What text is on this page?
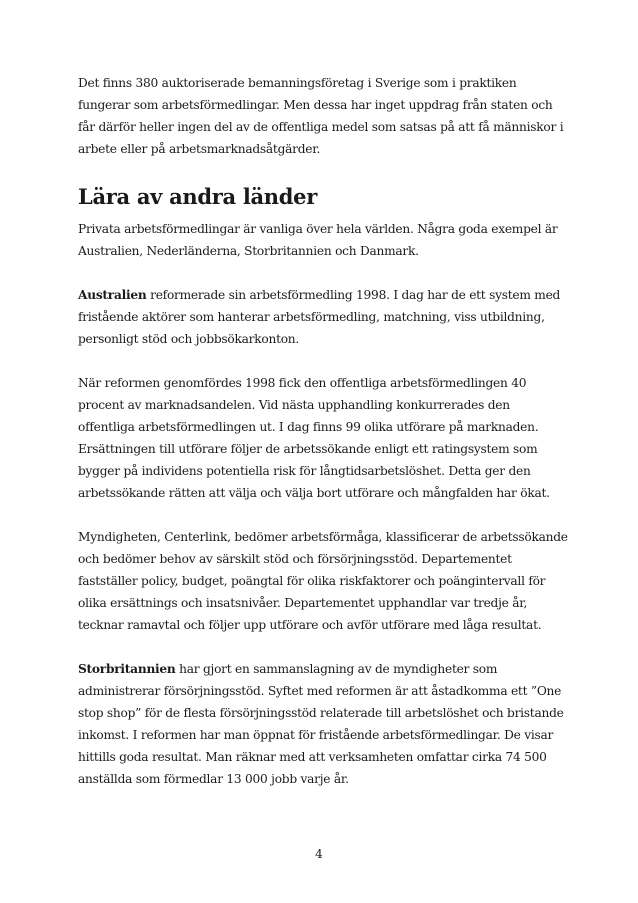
Det finns 380 auktoriserade bemanningsföretag i Sverige som i praktiken fungerar som arbetsförmedlingar. Men dessa har inget uppdrag från staten och får därför heller ingen del av de offentliga medel som satsas på att få människor i arbete eller på arbetsmarknadsåtgärder.

Lära av andra länder

Privata arbetsförmedlingar är vanliga över hela världen. Några goda exempel är Australien, Nederländerna, Storbritannien och Danmark.

Australien reformerade sin arbetsförmedling 1998. I dag har de ett system med fristående aktörer som hanterar arbetsförmedling, matchning, viss utbildning, personligt stöd och jobbsökarkonton.

När reformen genomfördes 1998 fick den offentliga arbetsförmedlingen 40 procent av marknadsandelen. Vid nästa upphandling konkurrerades den offentliga arbetsförmedlingen ut. I dag finns 99 olika utförare på marknaden. Ersättningen till utförare följer de arbetssökande enligt ett ratingsystem som bygger på individens potentiella risk för långtidsarbetslöshet. Detta ger den arbetssökande rätten att välja och välja bort utförare och mångfalden har ökat.

Myndigheten, Centerlink, bedömer arbetsförmåga, klassificerar de arbetssökande och bedömer behov av särskilt stöd och försörjningsstöd. Departementet fastställer policy, budget, poängtal för olika riskfaktorer och poängintervall för olika ersättnings och insatsnivåer. Departementet upphandlar var tredje år, tecknar ramavtal och följer upp utförare och avför utförare med låga resultat.

Storbritannien har gjort en sammanslagning av de myndigheter som administrerar försörjningsstöd. Syftet med reformen är att åstadkomma ett ”One stop shop” för de flesta försörjningsstöd relaterade till arbetslöshet och bristande inkomst. I reformen har man öppnat för fristående arbetsförmedlingar. De visar hittills goda resultat. Man räknar med att verksamheten omfattar cirka 74 500 anställda som förmedlar 13 000 jobb varje år.

4
